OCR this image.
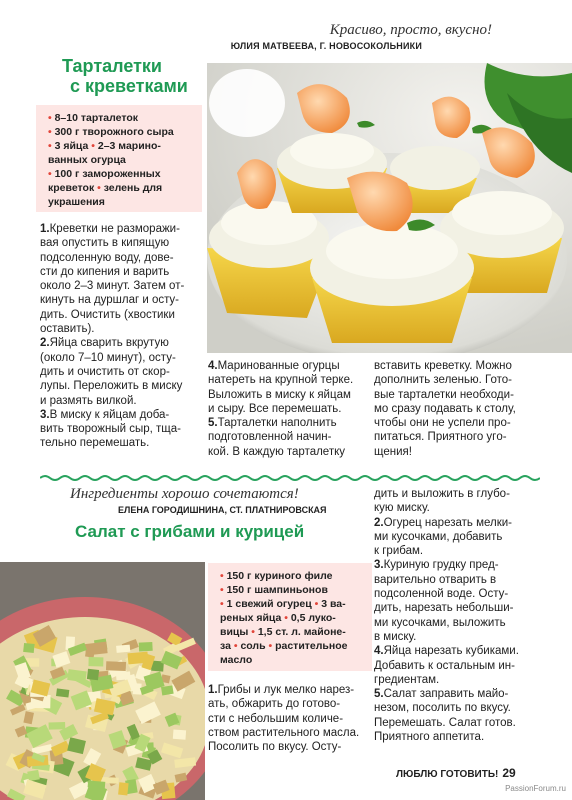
Красиво, просто, вкусно!
ЮЛИЯ МАТВЕЕВА, Г. НОВОСОКОЛЬНИКИ
Тарталетки
с креветками
• 8–10 тарталеток
• 300 г творожного сыра
• 3 яйца • 2–3 марино-
ванных огурца
• 100 г замороженных
креветок • зелень для
украшения
1.Креветки не разморажи-
вая опустить в кипящую
подсоленную воду, дове-
сти до кипения и варить
около 2–3 минут. Затем от-
кинуть на дуршлаг и остy-
дить. Очистить (хвостики
оставить).
2.Яйца сварить вкрутую
(около 7–10 минут), осту-
дить и очистить от скор-
лупы. Переложить в миску
и размять вилкой.
3.В миску к яйцам доба-
вить творожный сыр, тща-
тельно перемешать.
4.Маринованные огурцы
натереть на крупной терке.
Выложить в миску к яйцам
и сыру. Все перемешать.
5.Тарталетки наполнить
подготовленной начин-
кой. В каждую тарталетку
вставить креветку. Можно
дополнить зеленью. Гото-
вые тарталетки необходи-
мо сразу подавать к столу,
чтобы они не успели про-
питаться. Приятного угo-
щения!
Ингредиенты хорошо сочетаются!
ЕЛЕНА ГОРОДИШНИНА, СТ. ПЛАТНИРОВСКАЯ
Салат с грибами и курицей
• 150 г куриного филе
• 150 г шампиньонов
• 1 свежий огурец • 3 ва-
реных яйца • 0,5 луко-
вицы • 1,5 ст. л. майоне-
за • соль • растительное
масло
1.Грибы и лук мелко нарез-
ать, обжарить до готово-
сти с небольшим количе-
ством растительного масла.
Посолить по вкусу. Осту-
дить и выложить в глубо-
кую миску.
2.Огурец нарезать мелки-
ми кусочками, добавить
к грибам.
3.Куриную грудку пред-
варительно отварить в
подсоленной воде. Осту-
дить, нарезать небольши-
ми кусочками, выложить
в миску.
4.Яйца нарезать кубиками.
Добавить к остальным ин-
гредиентам.
5.Салат заправить майо-
незом, посолить по вкусу.
Перемешать. Салат готов.
Приятного аппетита.
ЛЮБЛЮ ГОТОВИТЬ! 29
PassionForum.ru
